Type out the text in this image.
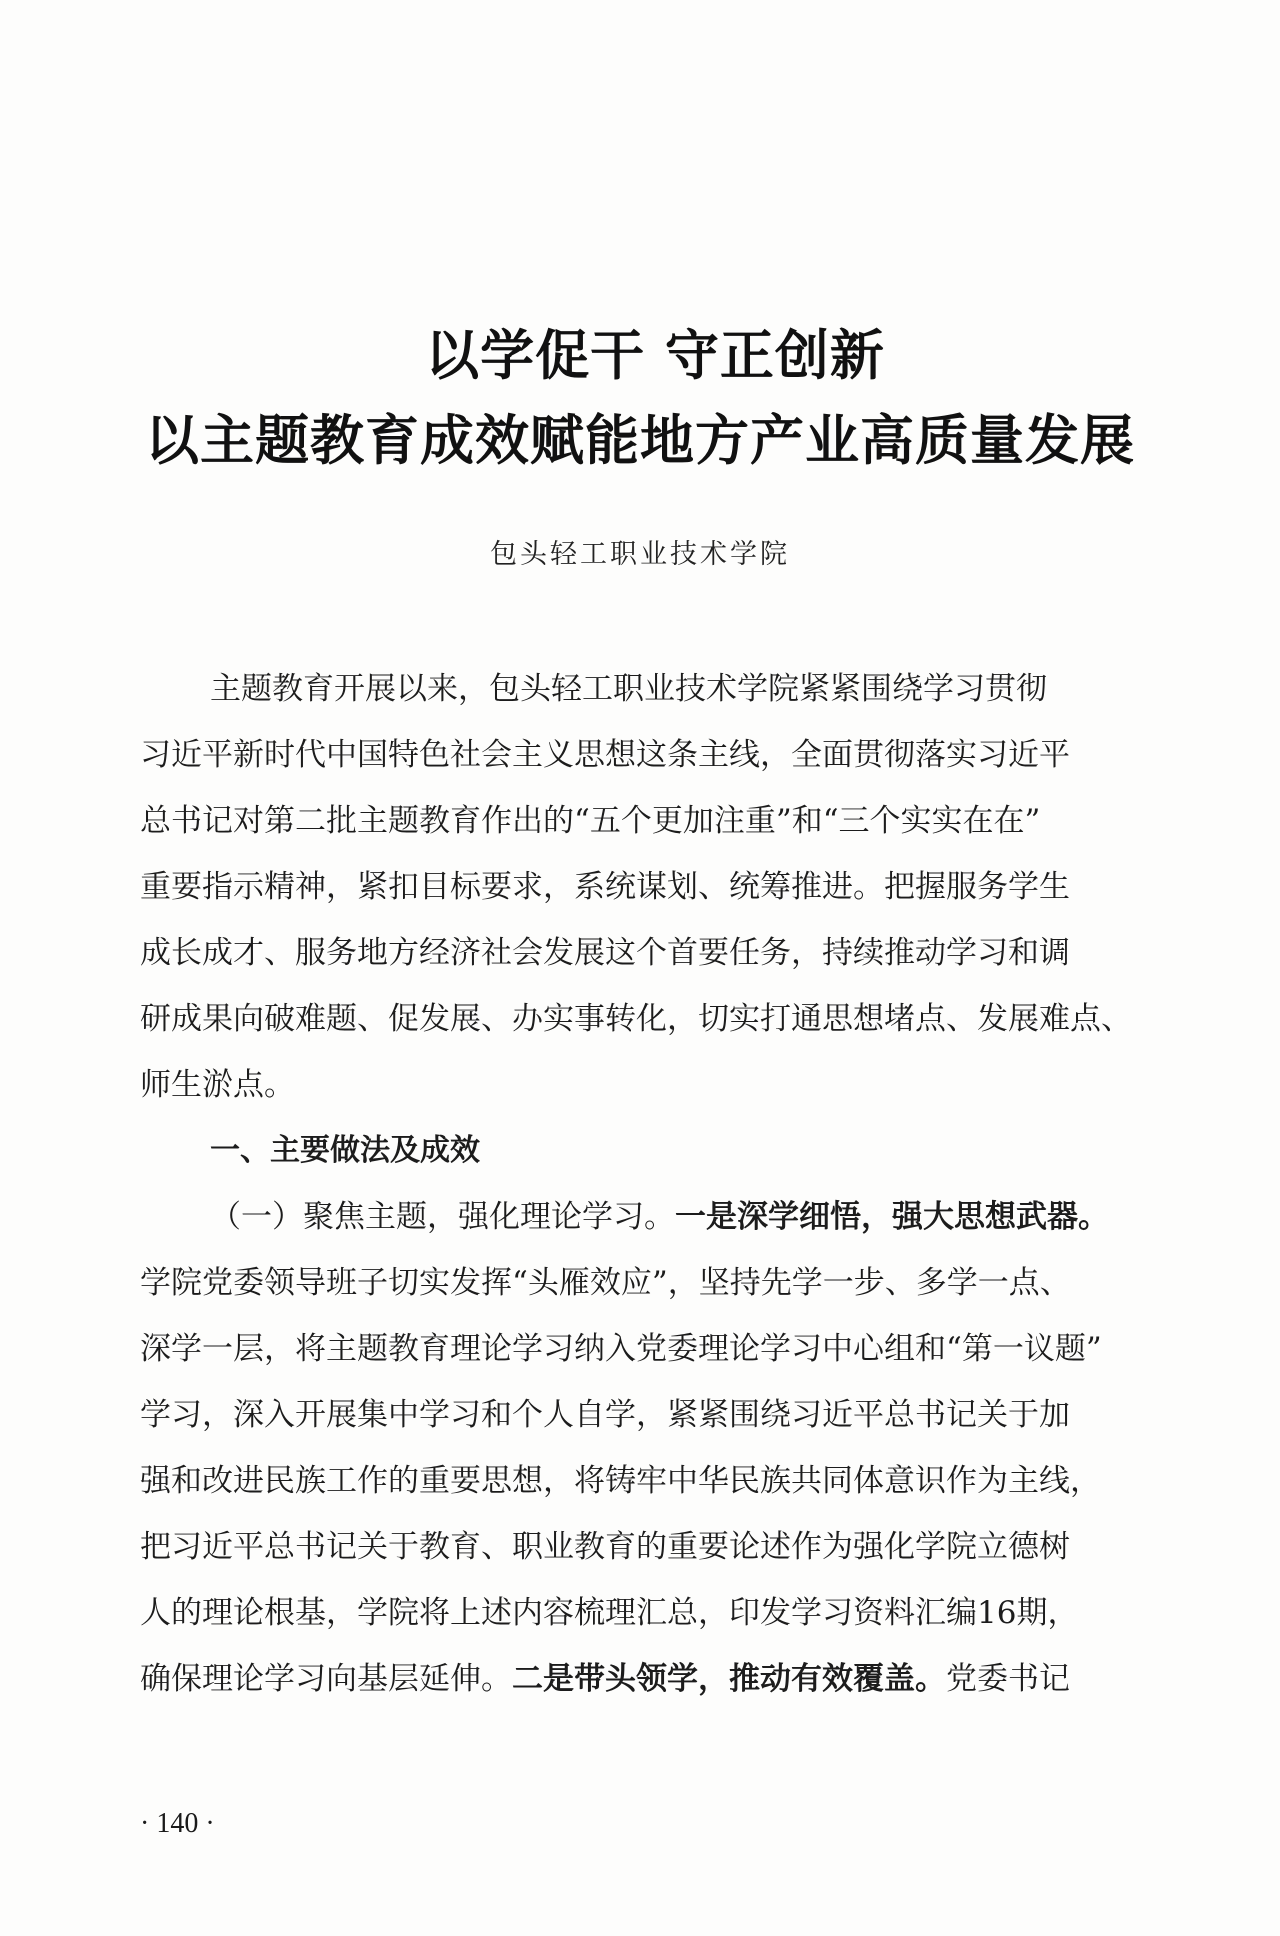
以学促干 守正创新
以主题教育成效赋能地方产业高质量发展
包头轻工职业技术学院
主题教育开展以来，包头轻工职业技术学院紧紧围绕学习贯彻
习近平新时代中国特色社会主义思想这条主线，全面贯彻落实习近平
总书记对第二批主题教育作出的“五个更加注重”和“三个实实在在”
重要指示精神，紧扣目标要求，系统谋划、统筹推进。把握服务学生
成长成才、服务地方经济社会发展这个首要任务，持续推动学习和调
研成果向破难题、促发展、办实事转化，切实打通思想堵点、发展难点、
师生淤点。
一、主要做法及成效
（一）聚焦主题，强化理论学习。一是深学细悟，强大思想武器。
学院党委领导班子切实发挥“头雁效应”，坚持先学一步、多学一点、
深学一层，将主题教育理论学习纳入党委理论学习中心组和“第一议题”
学习，深入开展集中学习和个人自学，紧紧围绕习近平总书记关于加
强和改进民族工作的重要思想，将铸牢中华民族共同体意识作为主线，
把习近平总书记关于教育、职业教育的重要论述作为强化学院立德树
人的理论根基，学院将上述内容梳理汇总，印发学习资料汇编16期，
确保理论学习向基层延伸。二是带头领学，推动有效覆盖。党委书记
· 140 ·
